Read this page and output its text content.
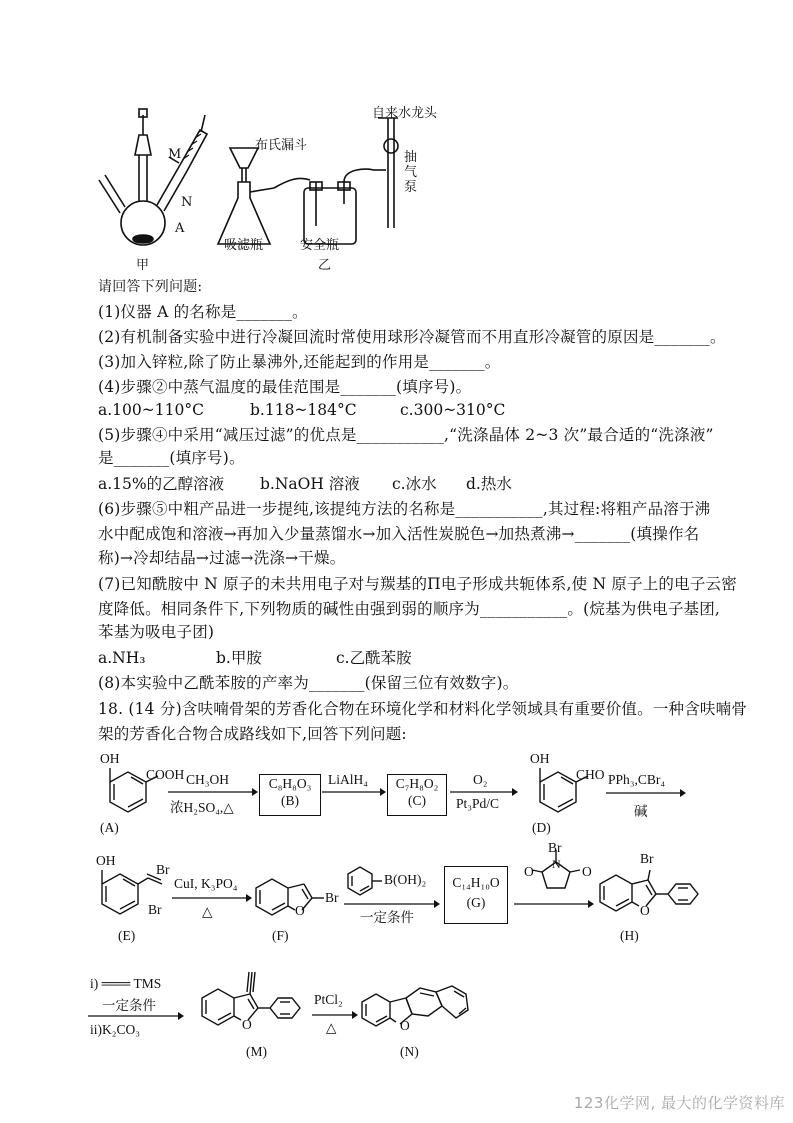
M
N
A
甲
布氏漏斗
自来水龙头
抽
气
泵
吸滤瓶	安全瓶
乙
请回答下列问题:
(1)仪器 A 的名称是_______。
(2)有机制备实验中进行冷凝回流时常使用球形冷凝管而不用直形冷凝管的原因是_______。
(3)加入锌粒,除了防止暴沸外,还能起到的作用是_______。
(4)步骤②中蒸气温度的最佳范围是_______(填序号)。
a.100~110°C	b.118~184°C	c.300~310°C
(5)步骤④中采用“减压过滤”的优点是___________,“洗涤晶体 2~3 次”最合适的“洗涤液”
是_______(填序号)。
a.15%的乙醇溶液 b.NaOH 溶液 c.冰水 d.热水
(6)步骤⑤中粗产品进一步提纯,该提纯方法的名称是___________,其过程:将粗产品溶于沸
水中配成饱和溶液→再加入少量蒸馏水→加入活性炭脱色→加热煮沸→_______(填操作名
称)→冷却结晶→过滤→洗涤→干燥。
(7)已知酰胺中 N 原子的未共用电子对与羰基的Π电子形成共轭体系,使 N 原子上的电子云密
度降低。相同条件下,下列物质的碱性由强到弱的顺序为___________。(烷基为供电子基团,
苯基为吸电子团)
a.NH₃	b.甲胺	c.乙酰苯胺
(8)本实验中乙酰苯胺的产率为_______(保留三位有效数字)。
18. (14 分)含呋喃骨架的芳香化合物在环境化学和材料化学领域具有重要价值。一种含呋喃骨
架的芳香化合物合成路线如下,回答下列问题:
OH
COOH
(A)
CH₃OH
浓H₂SO₄,△
C₈H₈O₃
(B)
LiAlH₄	C₇H₈O₂
(C)
O₂
Pt₃Pd/C
OH
CHO
(D)
PPh₃,CBr₄
碱
OH
Br
Br
(E)
CuI, K₃PO₄
△
Br
O
(F)
B(OH)₂
一定条件
C₁₄H₁₀O
(G)
Br
N
O	O
Br
O
(H)
i) ═══ TMS
一定条件
ii)K₂CO₃	O
(M)
PtCl₂
△	O
(N)
123化学网, 最大的化学资料库
